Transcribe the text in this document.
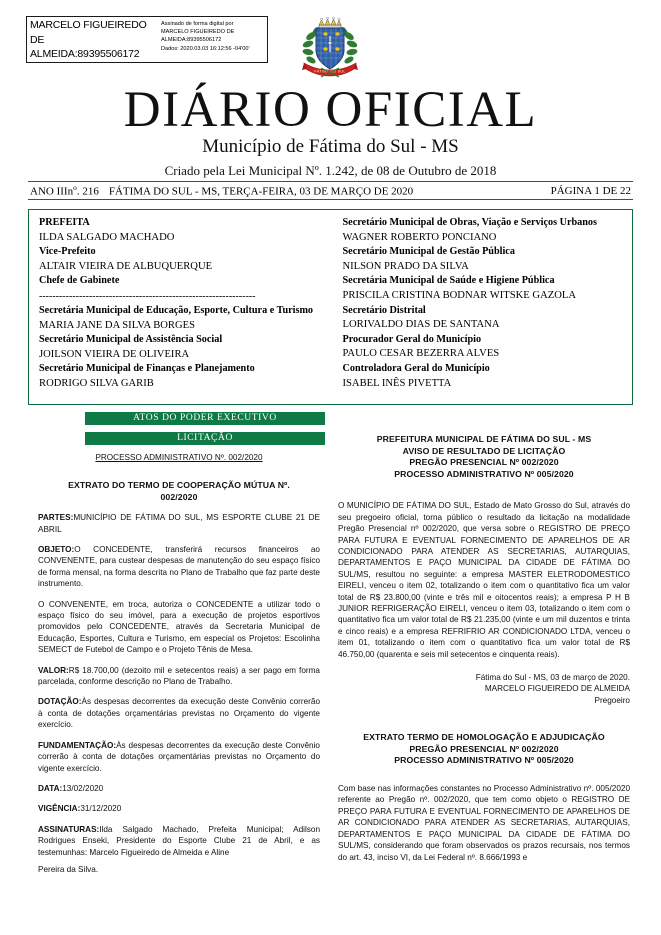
MARCELO FIGUEIREDO
DE
ALMEIDA:89395506172
Assinado de forma digital por
MARCELO FIGUEIREDO DE
ALMEIDA:89395506172
Dados: 2020.03.03 16:12:56 -04'00'
FÁTIMA DO SUL
DIÁRIO OFICIAL
Município de Fátima do Sul - MS
Criado pela Lei Municipal Nº. 1.242, de 08 de Outubro de 2018
ANO IIIn$^o$. 216 FÁTIMA DO SUL - MS, TERÇA-FEIRA, 03 DE MARÇO DE 2020	PÁGINA 1 DE 22
PREFEITA
ILDA SALGADO MACHADO
Vice-Prefeito
ALTAIR VIEIRA DE ALBUQUERQUE
Chefe de Gabinete
-----------------------------------------------------------------
Secretária Municipal de Educação, Esporte, Cultura e Turismo
MARIA JANE DA SILVA BORGES
Secretário Municipal de Assistência Social
JOILSON VIEIRA DE OLIVEIRA
Secretário Municipal de Finanças e Planejamento
RODRIGO SILVA GARIB
Secretário Municipal de Obras, Viação e Serviços Urbanos
WAGNER ROBERTO PONCIANO
Secretário Municipal de Gestão Pública
NILSON PRADO DA SILVA
Secretária Municipal de Saúde e Higiene Pública
PRISCILA CRISTINA BODNAR WITSKE GAZOLA
Secretário Distrital
LORIVALDO DIAS DE SANTANA
Procurador Geral do Município
PAULO CESAR BEZERRA ALVES
Controladora Geral do Município
ISABEL INÊS PIVETTA
ATOS DO PODER EXECUTIVO
LICITAÇÃO
PROCESSO ADMINISTRATIVO Nº. 002/2020
EXTRATO DO TERMO DE COOPERAÇÃO MÚTUA Nº.
002/2020

PARTES:MUNICÍPIO DE FÁTIMA DO SUL, MS ESPORTE CLUBE 21 DE ABRIL

OBJETO:O CONCEDENTE, transferirá recursos financeiros ao CONVENENTE, para custear despesas de manutenção do seu espaço físico de forma mensal, na forma descrita no Plano de Trabalho que faz parte deste instrumento.

O CONVENENTE, em troca, autoriza o CONCEDENTE a utilizar todo o espaço físico do seu imóvel, para a execução de projetos esportivos promovidos pelo CONCEDENTE, através da Secretaria Municipal de Educação, Esportes, Cultura e Turismo, em especial os Projetos: Escolinha SEMECT de Futebol de Campo e o Projeto Tênis de Mesa.

VALOR:R$ 18.700,00 (dezoito mil e setecentos reais) a ser pago em forma parcelada, conforme descrição no Plano de Trabalho.

DOTAÇÃO:Às despesas decorrentes da execução deste Convênio correrão à conta de dotações orçamentárias previstas no Orçamento do vigente exercício.

FUNDAMENTAÇÃO:Às despesas decorrentes da execução deste Convênio correrão à conta de dotações orçamentárias previstas no Orçamento do vigente exercício.

DATA:13/02/2020

VIGÊNCIA:31/12/2020

ASSINATURAS:Ilda Salgado Machado, Prefeita Municipal; Adilson Rodrigues Enseki, Presidente do Esporte Clube 21 de Abril, e as testemunhas: Marcelo Figueiredo de Almeida e Aline

Pereira da Silva.

PREFEITURA MUNICIPAL DE FÁTIMA DO SUL - MS
AVISO DE RESULTADO DE LICITAÇÃO
PREGÃO PRESENCIAL Nº 002/2020
PROCESSO ADMINISTRATIVO Nº 005/2020

O MUNICÍPIO DE FÁTIMA DO SUL, Estado de Mato Grosso do Sul, através do seu pregoeiro oficial, torna público o resultado da licitação na modalidade Pregão Presencial nº 002/2020, que versa sobre o REGISTRO DE PREÇO PARA FUTURA E EVENTUAL FORNECIMENTO DE APARELHOS DE AR CONDICIONADO PARA ATENDER AS SECRETARIAS, AUTARQUIAS, DEPARTAMENTOS E PAÇO MUNICIPAL DA CIDADE DE FÁTIMA DO SUL/MS, resultou no seguinte: a empresa MASTER ELETRODOMESTICO EIRELI, venceu o item 02, totalizando o item com o quantitativo fica um valor total de R$ 23.800,00 (vinte e três mil e oitocentos reais); a empresa P H B JUNIOR REFRIGERAÇÃO EIRELI, venceu o item 03, totalizando o item com o quantitativo fica um valor total de R$ 21.235,00 (vinte e um mil duzentos e trinta e cinco reais) e a empresa REFRIFRIO AR CONDICIONADO LTDA, venceu o item 01, totalizando o item com o quantitativo fica um valor total de R$ 46.750,00 (quarenta e seis mil setecentos e cinquenta reais).

Fátima do Sul - MS, 03 de março de 2020.

MARCELO FIGUEIREDO DE ALMEIDA

Pregoeiro

EXTRATO TERMO DE HOMOLOGAÇÃO E ADJUDICAÇÃO
PREGÃO PRESENCIAL Nº 002/2020
PROCESSO ADMINISTRATIVO Nº 005/2020

Com base nas informações constantes no Processo Administrativo nº. 005/2020 referente ao Pregão nº. 002/2020, que tem como objeto o REGISTRO DE PREÇO PARA FUTURA E EVENTUAL FORNECIMENTO DE APARELHOS DE AR CONDICIONADO PARA ATENDER AS SECRETARIAS, AUTARQUIAS, DEPARTAMENTOS E PAÇO MUNICIPAL DA CIDADE DE FÁTIMA DO SUL/MS, considerando que foram observados os prazos recursais, nos termos do art. 43, inciso VI, da Lei Federal nº. 8.666/1993 e
